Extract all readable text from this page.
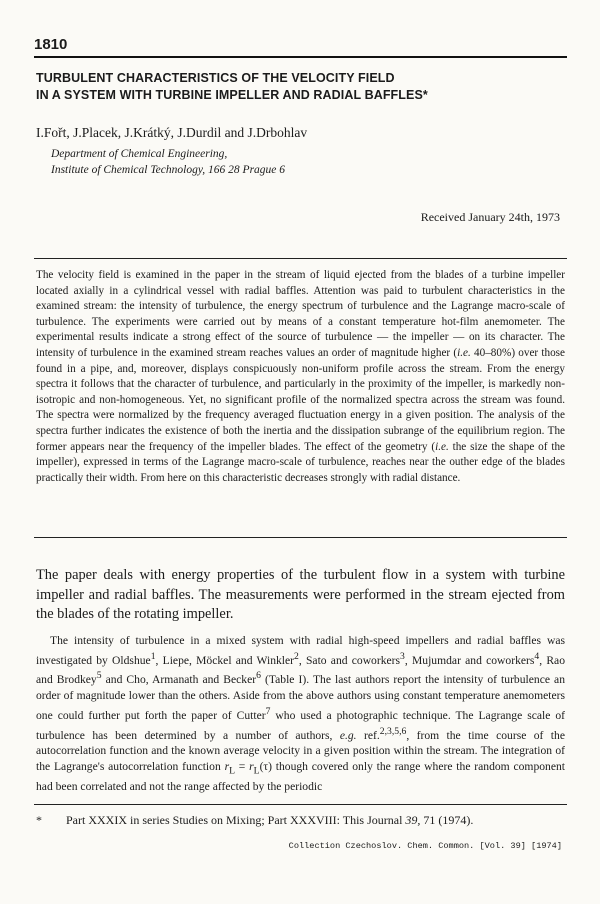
1810
TURBULENT CHARACTERISTICS OF THE VELOCITY FIELD
IN A SYSTEM WITH TURBINE IMPELLER AND RADIAL BAFFLES*
I.Fořt, J.Placek, J.Krátký, J.Durdil and J.Drbohlav
Department of Chemical Engineering,
Institute of Chemical Technology, 166 28 Prague 6
Received January 24th, 1973

The velocity field is examined in the paper in the stream of liquid ejected from the blades of a turbine impeller located axially in a cylindrical vessel with radial baffles. Attention was paid to turbulent characteristics in the examined stream: the intensity of turbulence, the energy spectrum of turbulence and the Lagrange macro-scale of turbulence. The experiments were carried out by means of a constant temperature hot-film anemometer. The experimental results indicate a strong effect of the source of turbulence — the impeller — on its character. The intensity of turbulence in the examined stream reaches values an order of magnitude higher (i.e. 40–80%) over those found in a pipe, and, moreover, displays conspicuously non-uniform profile across the stream. From the energy spectra it follows that the character of turbulence, and particularly in the proximity of the impeller, is markedly non-isotropic and non-homogeneous. Yet, no significant profile of the normalized spectra across the stream was found. The spectra were normalized by the frequency averaged fluctuation energy in a given position. The analysis of the spectra further indicates the existence of both the inertia and the dissipation subrange of the equilibrium region. The former appears near the frequency of the impeller blades. The effect of the geometry (i.e. the size the shape of the impeller), expressed in terms of the Lagrange macro-scale of turbulence, reaches near the outher edge of the blades practically their width. From here on this characteristic decreases strongly with radial distance.

The paper deals with energy properties of the turbulent flow in a system with turbine impeller and radial baffles. The measurements were performed in the stream ejected from the blades of the rotating impeller.

The intensity of turbulence in a mixed system with radial high-speed impellers and radial baffles was investigated by Oldshue$^1$, Liepe, Möckel and Winkler$^2$, Sato and coworkers$^3$, Mujumdar and coworkers$^4$, Rao and Brodkey$^5$ and Cho, Armanath and Becker$^6$ (Table I). The last authors report the intensity of turbulence an order of magnitude lower than the others. Aside from the above authors using constant temperature anemometers one could further put forth the paper of Cutter$^7$ who used a photographic technique. The Lagrange scale of turbulence has been determined by a number of authors, e.g. ref.$^{2,3,5,6}$, from the time course of the autocorrelation function and the known average velocity in a given position within the stream. The integration of the Lagrange's autocorrelation function $r_L = r_L(\tau)$ though covered only the range where the random component had been correlated and not the range affected by the periodic

* Part XXXIX in series Studies on Mixing; Part XXXVIII: This Journal 39, 71 (1974).
Collection Czechoslov. Chem. Common. [Vol. 39] [1974]
